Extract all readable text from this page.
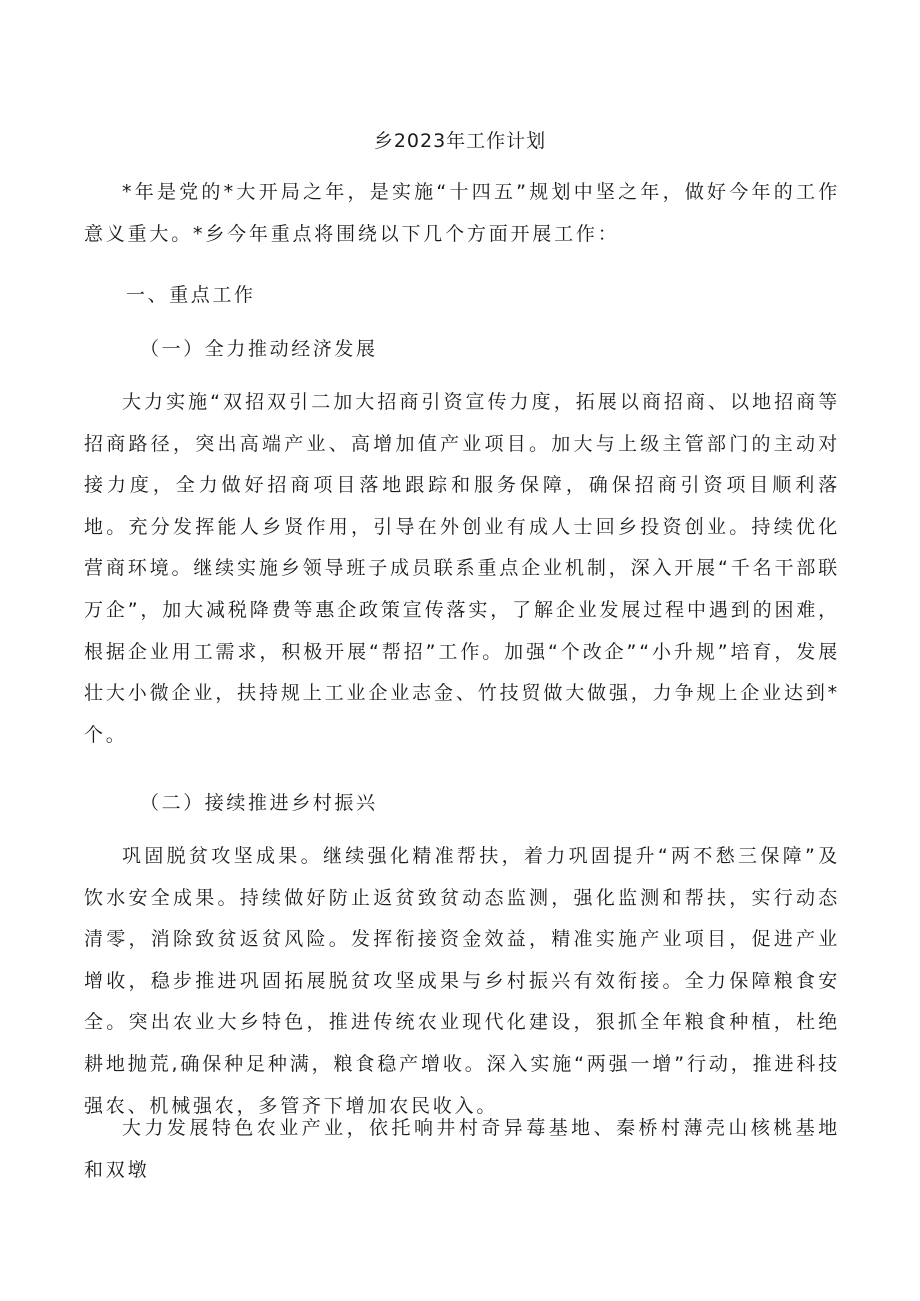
乡2023年工作计划
*年是党的*大开局之年，是实施“十四五”规划中坚之年，做好今年的工作意义重大。*乡今年重点将围绕以下几个方面开展工作：
一、重点工作
（一）全力推动经济发展
大力实施“双招双引二加大招商引资宣传力度，拓展以商招商、以地招商等招商路径，突出高端产业、高增加值产业项目。加大与上级主管部门的主动对接力度，全力做好招商项目落地跟踪和服务保障，确保招商引资项目顺利落地。充分发挥能人乡贤作用，引导在外创业有成人士回乡投资创业。持续优化营商环境。继续实施乡领导班子成员联系重点企业机制，深入开展“千名干部联万企”，加大减税降费等惠企政策宣传落实，了解企业发展过程中遇到的困难，根据企业用工需求，积极开展“帮招”工作。加强“个改企”“小升规”培育，发展壮大小微企业，扶持规上工业企业志金、竹技贸做大做强，力争规上企业达到*个。
（二）接续推进乡村振兴
巩固脱贫攻坚成果。继续强化精准帮扶，着力巩固提升“两不愁三保障”及饮水安全成果。持续做好防止返贫致贫动态监测，强化监测和帮扶，实行动态清零，消除致贫返贫风险。发挥衔接资金效益，精准实施产业项目，促进产业增收，稳步推进巩固拓展脱贫攻坚成果与乡村振兴有效衔接。全力保障粮食安全。突出农业大乡特色，推进传统农业现代化建设，狠抓全年粮食种植，杜绝耕地抛荒,确保种足种满，粮食稳产增收。深入实施“两强一增”行动，推进科技强农、机械强农，多管齐下增加农民收入。
大力发展特色农业产业，依托响井村奇异莓基地、秦桥村薄壳山核桃基地和双墩
